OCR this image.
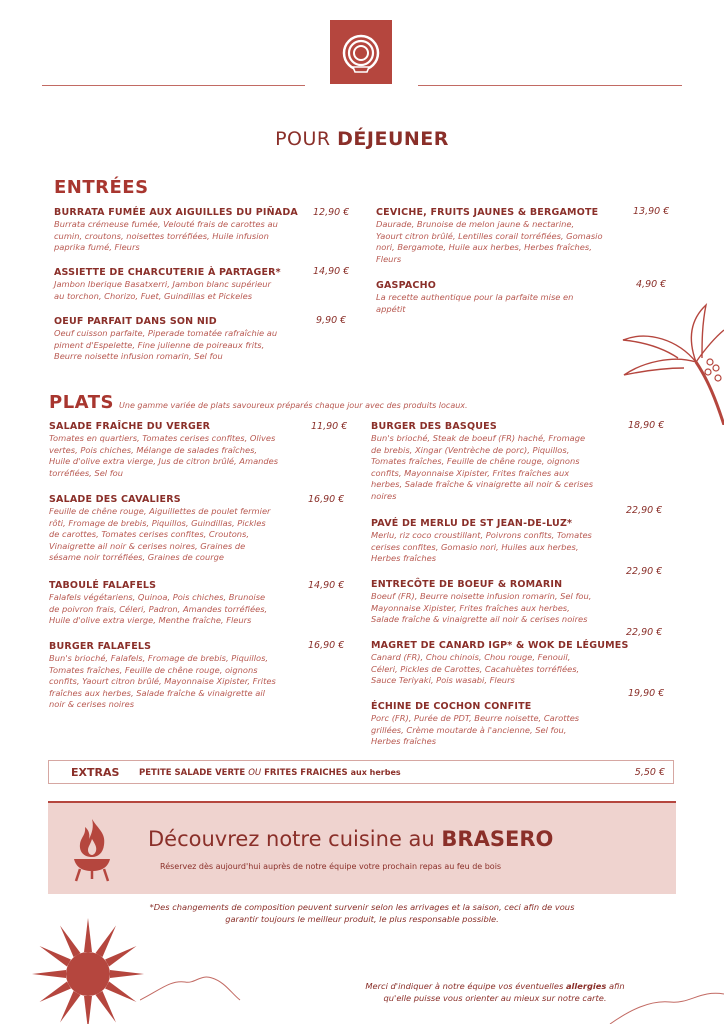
POUR DÉJEUNER
ENTRÉES
BURRATA FUMÉE AUX AIGUILLES DU PIÑADA
Burrata crémeuse fumée, Velouté frais de carottes au
cumin, croutons, noisettes torréfiées, Huile infusion
paprika fumé, Fleurs
12,90 €
ASSIETTE DE CHARCUTERIE À PARTAGER*
Jambon Iberique Basatxerri, Jambon blanc supérieur
au torchon, Chorizo, Fuet, Guindillas et Pickeles
14,90 €
OEUF PARFAIT DANS SON NID
Oeuf cuisson parfaite, Piperade tomatée rafraîchie au
piment d'Espelette, Fine julienne de poireaux frits,
Beurre noisette infusion romarin, Sel fou
9,90 €
CEVICHE, FRUITS JAUNES & BERGAMOTE
Daurade, Brunoise de melon jaune & nectarine,
Yaourt citron brûlé, Lentilles corail torréfiées, Gomasio
nori, Bergamote, Huile aux herbes, Herbes fraîches,
Fleurs
13,90 €
GASPACHO
La recette authentique pour la parfaite mise en
appétit
4,90 €
PLATS Une gamme variée de plats savoureux préparés chaque jour avec des produits locaux.
SALADE FRAÎCHE DU VERGER
Tomates en quartiers, Tomates cerises confites, Olives
vertes, Pois chiches, Mélange de salades fraîches,
Huile d'olive extra vierge, Jus de citron brûlé, Amandes
torréfiées, Sel fou
11,90 €
SALADE DES CAVALIERS
Feuille de chêne rouge, Aiguillettes de poulet fermier
rôti, Fromage de brebis, Piquillos, Guindillas, Pickles
de carottes, Tomates cerises confites, Croutons,
Vinaigrette ail noir & cerises noires, Graines de
sésame noir torréfiées, Graines de courge
16,90 €
TABOULÉ FALAFELS
Falafels végétariens, Quinoa, Pois chiches, Brunoise
de poivron frais, Céleri, Padron, Amandes torréfiées,
Huile d'olive extra vierge, Menthe fraîche, Fleurs
14,90 €
BURGER FALAFELS
Bun's brioché, Falafels, Fromage de brebis, Piquillos,
Tomates fraîches, Feuille de chêne rouge, oignons
confits, Yaourt citron brûlé, Mayonnaise Xipister, Frites
fraîches aux herbes, Salade fraîche & vinaigrette ail
noir & cerises noires
16,90 €
BURGER DES BASQUES
Bun's brioché, Steak de boeuf (FR) haché, Fromage
de brebis, Xingar (Ventrèche de porc), Piquillos,
Tomates fraîches, Feuille de chêne rouge, oignons
confits, Mayonnaise Xipister, Frites fraîches aux
herbes, Salade fraîche & vinaigrette ail noir & cerises
noires
18,90 €
22,90 €
PAVÉ DE MERLU DE ST JEAN-DE-LUZ*
Merlu, riz coco croustillant, Poivrons confits, Tomates
cerises confites, Gomasio nori, Huiles aux herbes,
Herbes fraîches
22,90 €
ENTRECÔTE DE BOEUF & ROMARIN
Boeuf (FR), Beurre noisette infusion romarin, Sel fou,
Mayonnaise Xipister, Frites fraîches aux herbes,
Salade fraîche & vinaigrette ail noir & cerises noires
22,90 €
MAGRET DE CANARD IGP* & WOK DE LÉGUMES
Canard (FR), Chou chinois, Chou rouge, Fenouil,
Céleri, Pickles de Carottes, Cacahuètes torréfiées,
Sauce Teriyaki, Pois wasabi, Fleurs
19,90 €
ÉCHINE DE COCHON CONFITE
Porc (FR), Purée de PDT, Beurre noisette, Carottes
grillées, Crème moutarde à l'ancienne, Sel fou,
Herbes fraîches
EXTRAS PETITE SALADE VERTE OU FRITES FRAICHES aux herbes	5,50 €
Découvrez notre cuisine au BRASERO
Réservez dès aujourd'hui auprès de notre équipe votre prochain repas au feu de bois
*Des changements de composition peuvent survenir selon les arrivages et la saison, ceci afin de vous
garantir toujours le meilleur produit, le plus responsable possible.
Merci d'indiquer à notre équipe vos éventuelles allergies afin
qu'elle puisse vous orienter au mieux sur notre carte.
